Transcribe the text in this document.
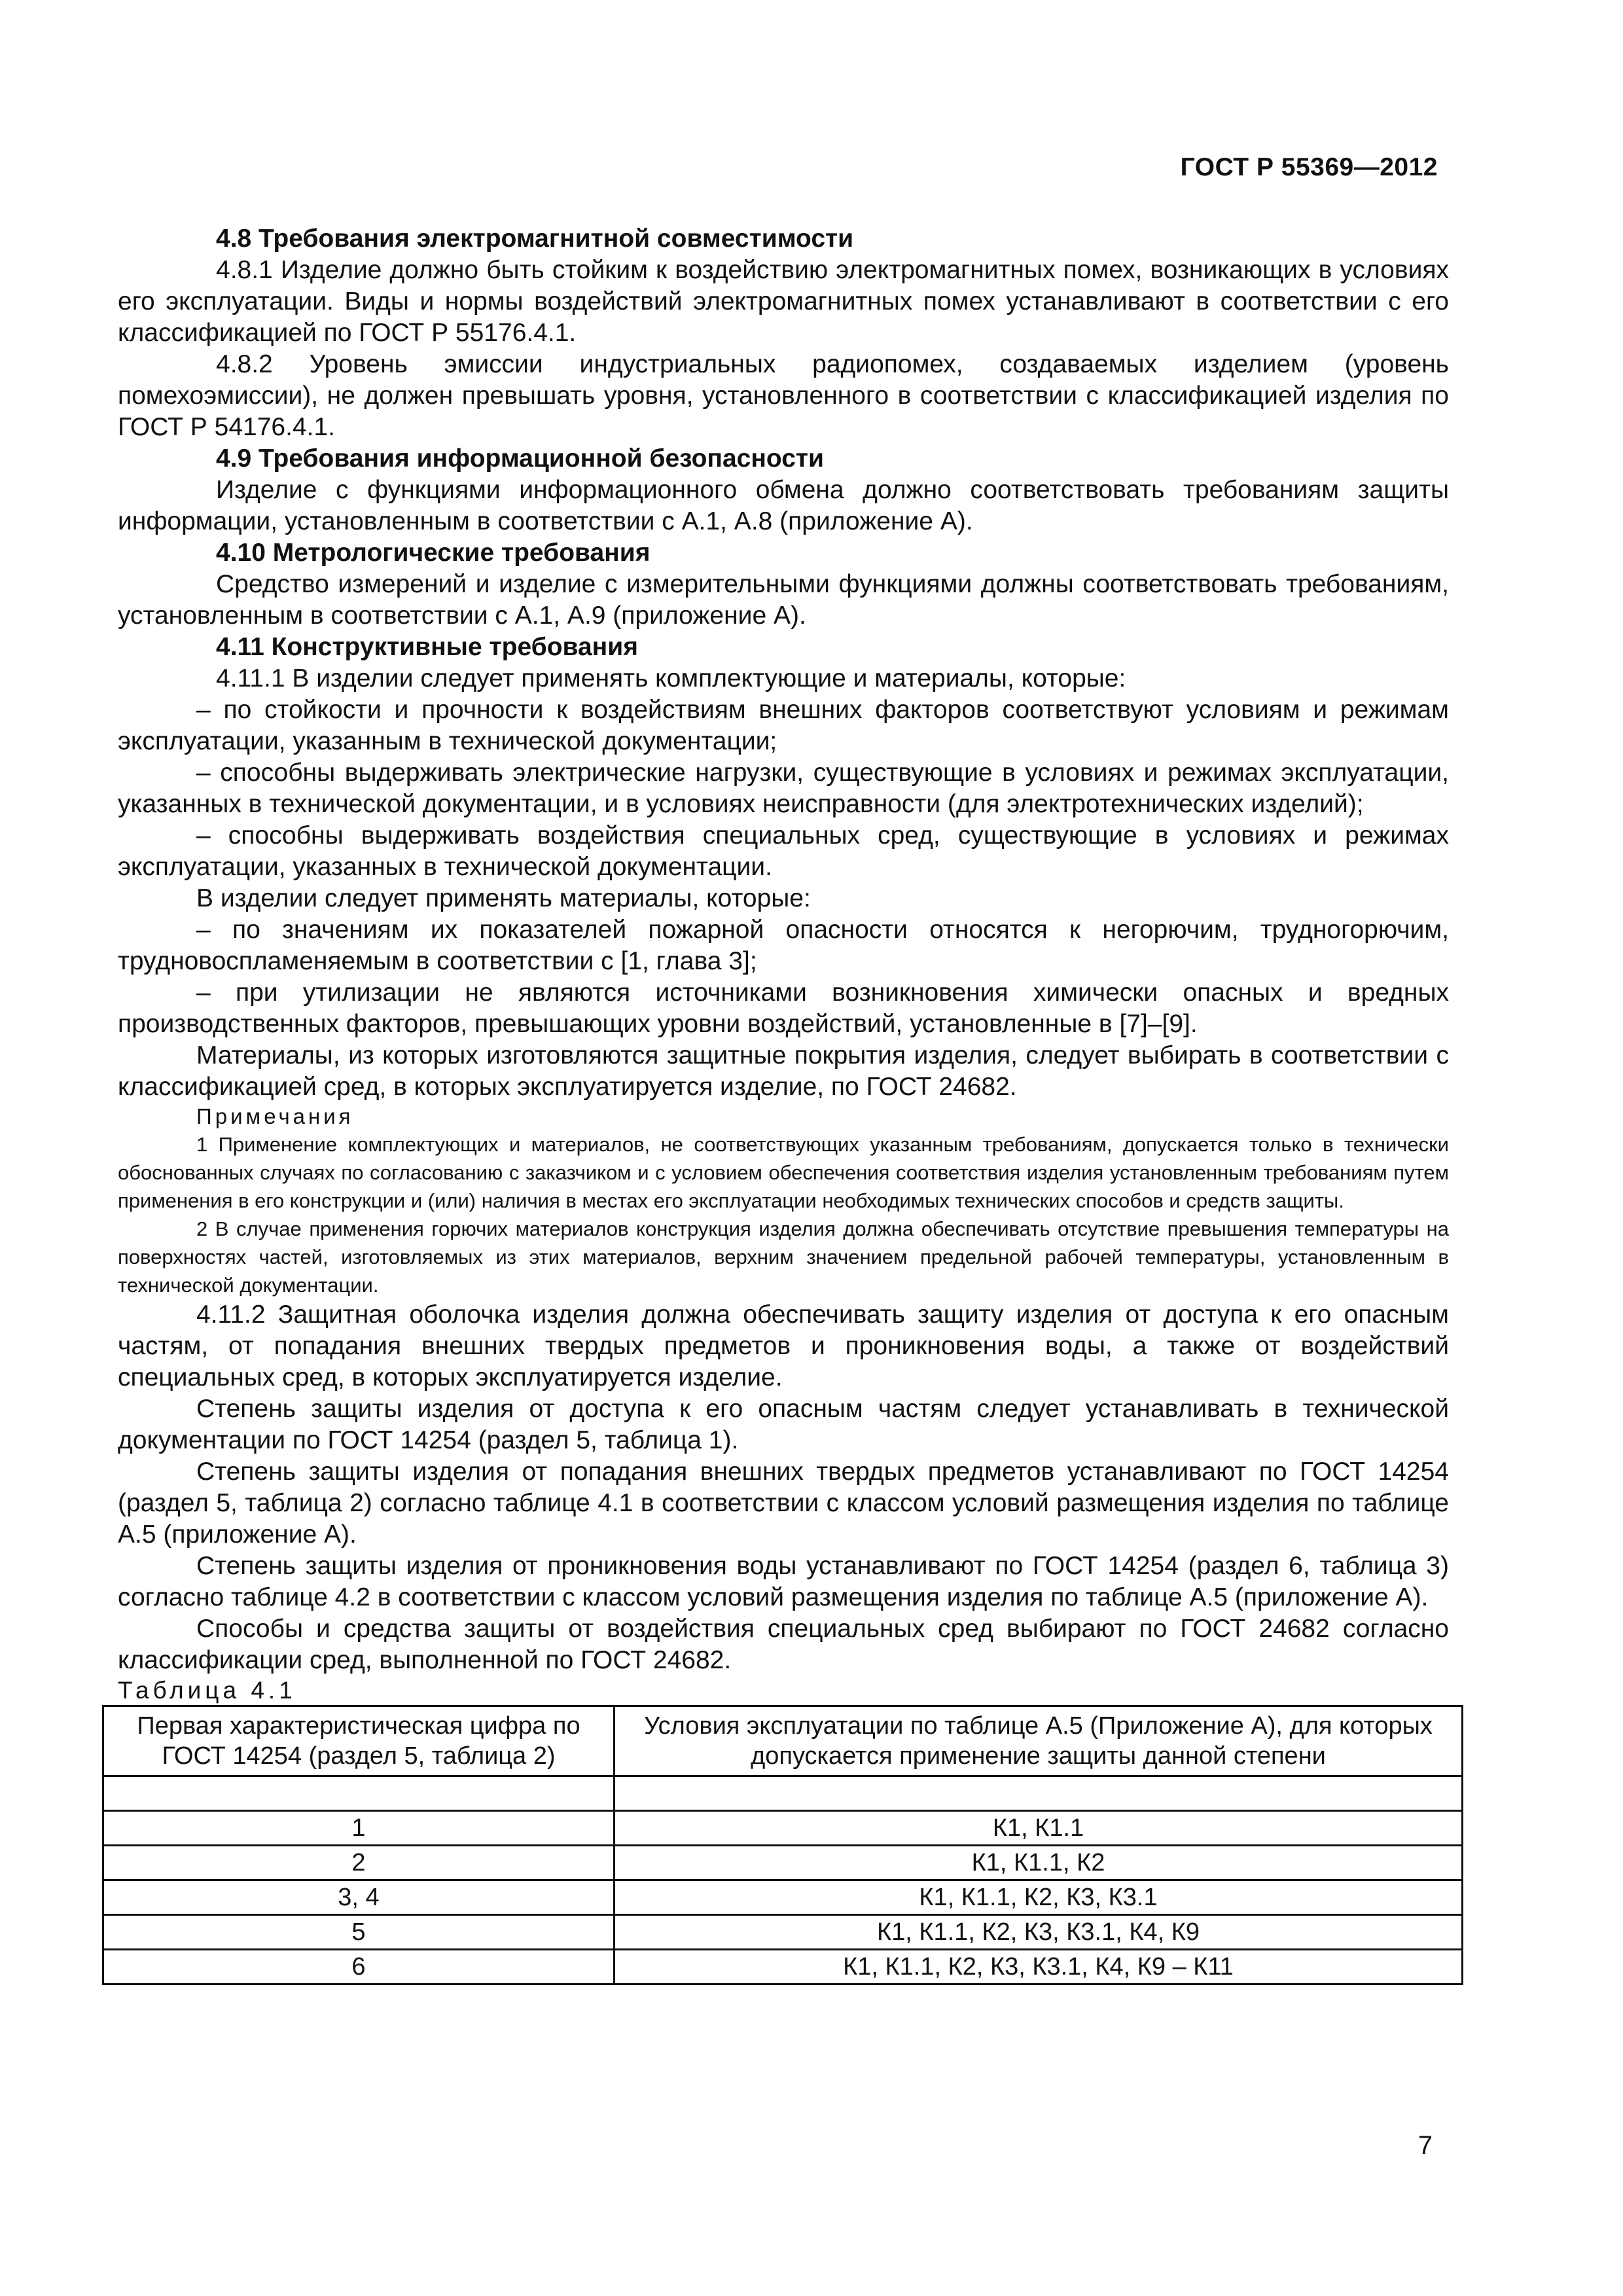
ГОСТ Р 55369—2012
4.8 Требования электромагнитной совместимости

4.8.1 Изделие должно быть стойким к воздействию электромагнитных помех, возникающих в условиях его эксплуатации. Виды и нормы воздействий электромагнитных помех устанавливают в соответствии с его классификацией по ГОСТ Р 55176.4.1.

4.8.2 Уровень эмиссии индустриальных радиопомех, создаваемых изделием (уровень помехоэмиссии), не должен превышать уровня, установленного в соответствии с классификацией изделия по ГОСТ Р 54176.4.1.

4.9 Требования информационной безопасности

Изделие с функциями информационного обмена должно соответствовать требованиям защиты информации, установленным в соответствии с А.1, А.8 (приложение А).

4.10 Метрологические требования

Средство измерений и изделие с измерительными функциями должны соответствовать требованиям, установленным в соответствии с А.1, А.9 (приложение А).

4.11 Конструктивные требования

4.11.1 В изделии следует применять комплектующие и материалы, которые:

– по стойкости и прочности к воздействиям внешних факторов соответствуют условиям и режимам эксплуатации, указанным в технической документации;

– способны выдерживать электрические нагрузки, существующие в условиях и режимах эксплуатации, указанных в технической документации, и в условиях неисправности (для электротехнических изделий);

– способны выдерживать воздействия специальных сред, существующие в условиях и режимах эксплуатации, указанных в технической документации.

В изделии следует применять материалы, которые:

– по значениям их показателей пожарной опасности относятся к негорючим, трудногорючим, трудновоспламеняемым в соответствии с [1, глава 3];

– при утилизации не являются источниками возникновения химически опасных и вредных производственных факторов, превышающих уровни воздействий, установленные в [7]–[9].

Материалы, из которых изготовляются защитные покрытия изделия, следует выбирать в соответствии с классификацией сред, в которых эксплуатируется изделие, по ГОСТ 24682.

Примечания

1 Применение комплектующих и материалов, не соответствующих указанным требованиям, допускается только в технически обоснованных случаях по согласованию с заказчиком и с условием обеспечения соответствия изделия установленным требованиям путем применения в его конструкции и (или) наличия в местах его эксплуатации необходимых технических способов и средств защиты.

2 В случае применения горючих материалов конструкция изделия должна обеспечивать отсутствие превышения температуры на поверхностях частей, изготовляемых из этих материалов, верхним значением предельной рабочей температуры, установленным в технической документации.

4.11.2 Защитная оболочка изделия должна обеспечивать защиту изделия от доступа к его опасным частям, от попадания внешних твердых предметов и проникновения воды, а также от воздействий специальных сред, в которых эксплуатируется изделие.

Степень защиты изделия от доступа к его опасным частям следует устанавливать в технической документации по ГОСТ 14254 (раздел 5, таблица 1).

Степень защиты изделия от попадания внешних твердых предметов устанавливают по ГОСТ 14254 (раздел 5, таблица 2) согласно таблице 4.1 в соответствии с классом условий размещения изделия по таблице А.5 (приложение А).

Степень защиты изделия от проникновения воды устанавливают по ГОСТ 14254 (раздел 6, таблица 3) согласно таблице 4.2 в соответствии с классом условий размещения изделия по таблице А.5 (приложение А).

Способы и средства защиты от воздействия специальных сред выбирают по ГОСТ 24682 согласно классификации сред, выполненной по ГОСТ 24682.

Таблица 4.1

Первая характеристическая цифра по ГОСТ 14254 (раздел 5, таблица 2)	Условия эксплуатации по таблице А.5 (Приложение А), для которых допускается применение защиты данной степени

1	К1, К1.1
2	К1, К1.1, К2
3, 4	К1, К1.1, К2, К3, К3.1
5	К1, К1.1, К2, К3, К3.1, К4, К9
6	К1, К1.1, К2, К3, К3.1, К4, К9 – К11
7
